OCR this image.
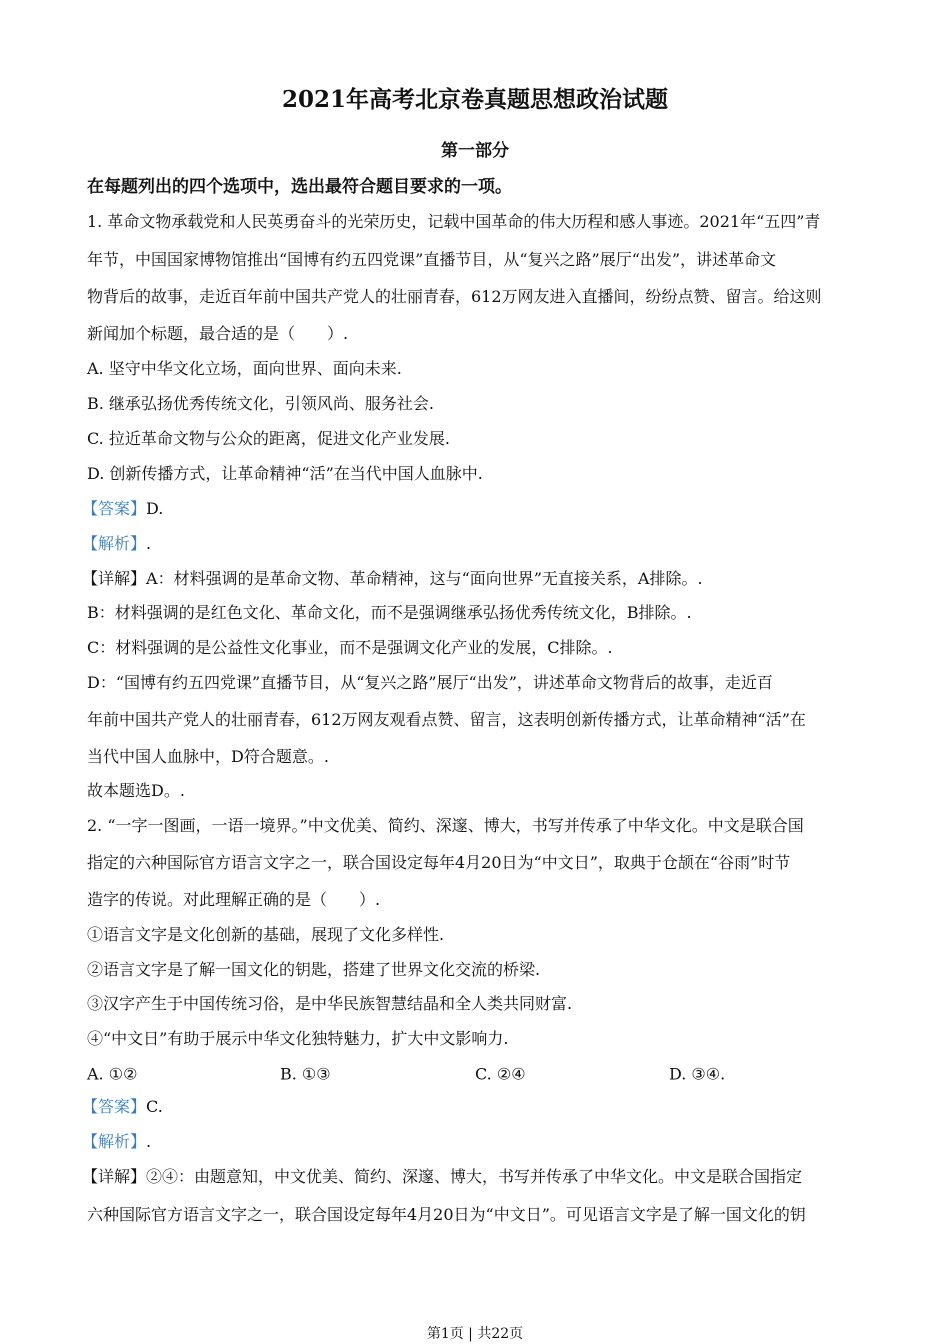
2021年高考北京卷真题思想政治试题
第一部分
在每题列出的四个选项中，选出最符合题目要求的一项。
1. 革命文物承载党和人民英勇奋斗的光荣历史，记载中国革命的伟大历程和感人事迹。2021年“五四”青
年节，中国国家博物馆推出“国博有约五四党课”直播节目，从“复兴之路”展厅“出发”，讲述革命文
物背后的故事，走近百年前中国共产党人的壮丽青春，612万网友进入直播间，纷纷点赞、留言。给这则
新闻加个标题，最合适的是（　　）.
A. 坚守中华文化立场，面向世界、面向未来.
B. 继承弘扬优秀传统文化，引领风尚、服务社会.
C. 拉近革命文物与公众的距离，促进文化产业发展.
D. 创新传播方式，让革命精神“活”在当代中国人血脉中.
【答案】D.
【解析】.
【详解】A：材料强调的是革命文物、革命精神，这与“面向世界”无直接关系，A排除。.
B：材料强调的是红色文化、革命文化，而不是强调继承弘扬优秀传统文化，B排除。.
C：材料强调的是公益性文化事业，而不是强调文化产业的发展，C排除。.
D：“国博有约五四党课”直播节目，从“复兴之路”展厅“出发”，讲述革命文物背后的故事，走近百
年前中国共产党人的壮丽青春，612万网友观看点赞、留言，这表明创新传播方式，让革命精神“活”在
当代中国人血脉中，D符合题意。.
故本题选D。.
2. “一字一图画，一语一境界。”中文优美、简约、深邃、博大，书写并传承了中华文化。中文是联合国
指定的六种国际官方语言文字之一，联合国设定每年4月20日为“中文日”，取典于仓颉在“谷雨”时节
造字的传说。对此理解正确的是（　　）.
①语言文字是文化创新的基础，展现了文化多样性.
②语言文字是了解一国文化的钥匙，搭建了世界文化交流的桥梁.
③汉字产生于中国传统习俗，是中华民族智慧结晶和全人类共同财富.
④“中文日”有助于展示中华文化独特魅力，扩大中文影响力.
A. ①②	B. ①③	C. ②④	D. ③④.
【答案】C.
【解析】.
【详解】②④：由题意知，中文优美、简约、深邃、博大，书写并传承了中华文化。中文是联合国指定
六种国际官方语言文字之一，联合国设定每年4月20日为“中文日”。可见语言文字是了解一国文化的钥
第1页 | 共22页
